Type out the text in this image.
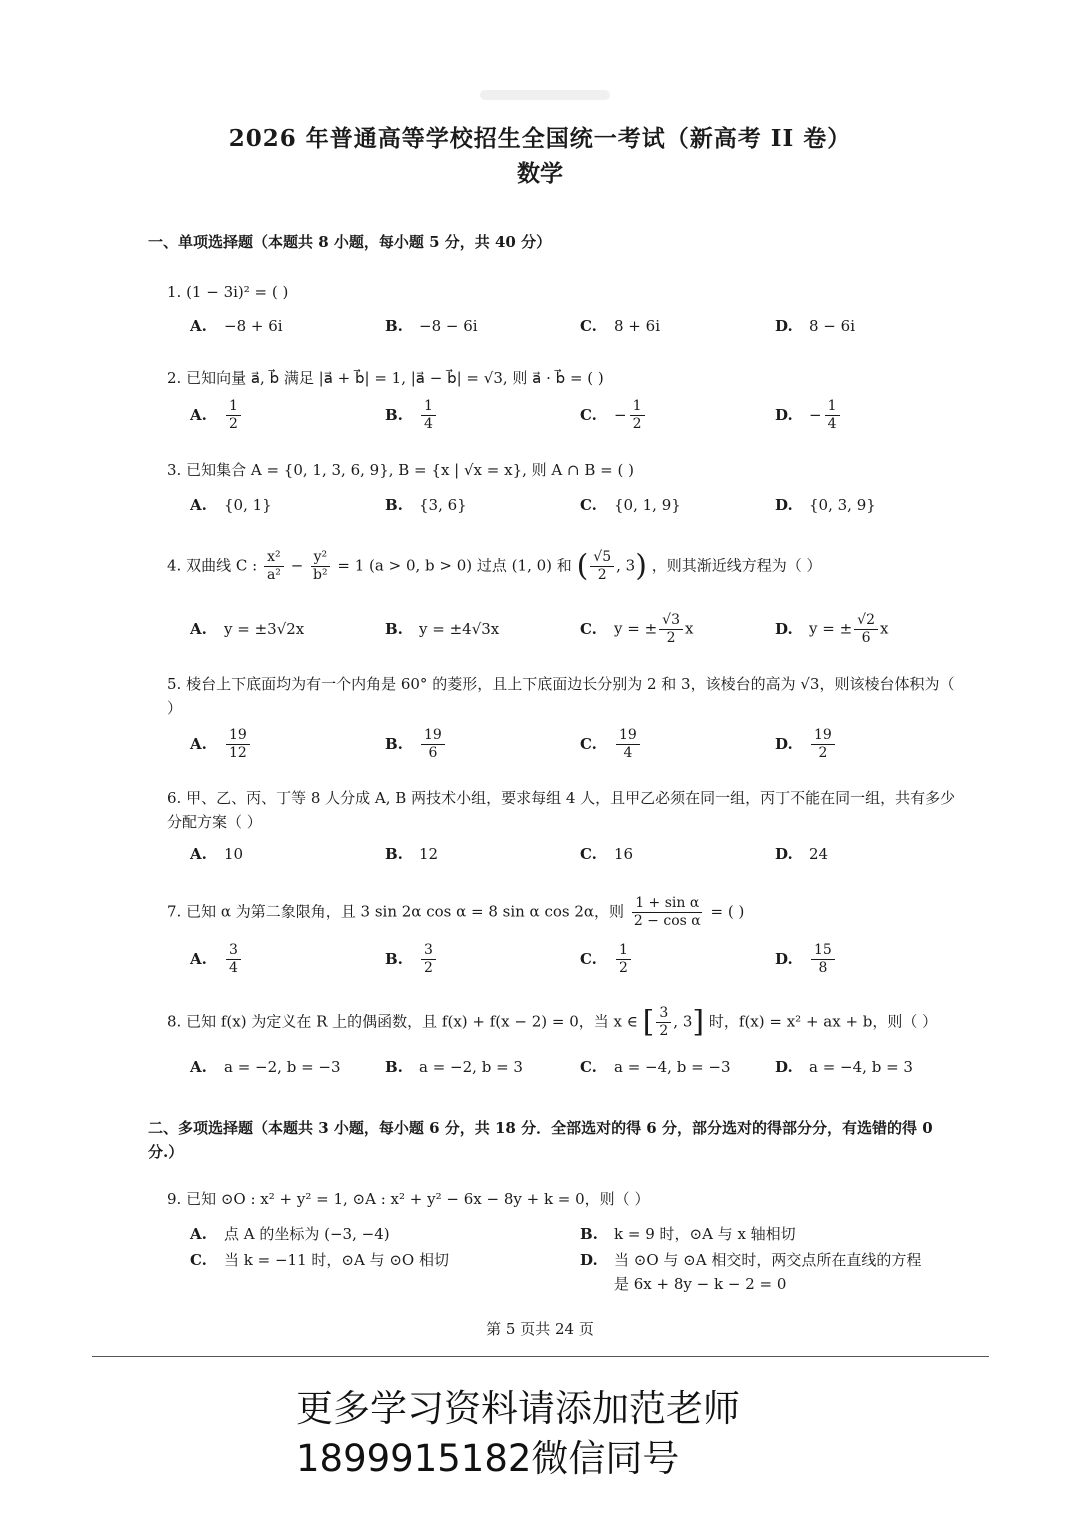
2026 年普通高等学校招生全国统一考试（新高考 II 卷）
数学
一、单项选择题（本题共 8 小题，每小题 5 分，共 40 分）
1. (1 − 3i)² = ( )
A. −8 + 6i	B. −8 − 6i	C. 8 + 6i	D. 8 − 6i
2. 已知向量 a⃗, b⃗ 满足 |a⃗ + b⃗| = 1, |a⃗ − b⃗| = √3, 则 a⃗ · b⃗ = ( )
A. $\frac{1}{2}$	B. $\frac{1}{4}$	C. − $\frac{1}{2}$	D. − $\frac{1}{4}$
3. 已知集合 A = {0, 1, 3, 6, 9}, B = {x | √x = x}, 则 A ∩ B = ( )
A. {0, 1}	B. {3, 6}	C. {0, 1, 9}	D. {0, 3, 9}
4. 双曲线 C : $\frac{\text{x²}}{\text{a²}} - \frac{\text{y²}}{\text{b²}} = 1$ (a > 0, b > 0) 过点 (1, 0) 和 ( $\frac{√5}{2}$ , 3) ，则其渐近线方程为（ ）
A. y = ±3√2x	B. y = ±4√3x	C. y = ± $\frac{√3}{2}$ x	D. y = ± $\frac{√2}{6}$ x
5. 棱台上下底面均为有一个内角是 60° 的菱形，且上下底面边长分别为 2 和 3，该棱台的高为 √3，则该棱台体积为（ ）
A. $\frac{19}{12}$	B. $\frac{19}{6}$	C. $\frac{19}{4}$	D. $\frac{19}{2}$
6. 甲、乙、丙、丁等 8 人分成 A, B 两技术小组，要求每组 4 人，且甲乙必须在同一组，丙丁不能在同一组，共有多少分配方案（ ）
A. 10	B. 12	C. 16	D. 24
7. 已知 α 为第二象限角，且 3 sin 2α cos α = 8 sin α cos 2α，则 $\frac{\text{1 + sin α}}{\text{2 − cos α}}$ = ( )
A. $\frac{3}{4}$	B. $\frac{3}{2}$	C. $\frac{1}{2}$	D. $\frac{15}{8}$
8. 已知 f(x) 为定义在 R 上的偶函数，且 f(x) + f(x − 2) = 0，当 x ∈ [ $\frac{3}{2}$ , 3] 时，f(x) = x² + ax + b，则（ ）
A. a = −2, b = −3	B. a = −2, b = 3	C. a = −4, b = −3	D. a = −4, b = 3
二、多项选择题（本题共 3 小题，每小题 6 分，共 18 分．全部选对的得 6 分，部分选对的得部分分，有选错的得 0 分.）
9. 已知 ⊙O : x² + y² = 1, ⊙A : x² + y² − 6x − 8y + k = 0，则（ ）
A. 点 A 的坐标为 (−3, −4)	B. k = 9 时，⊙A 与 x 轴相切
C. 当 k = −11 时，⊙A 与 ⊙O 相切	D. 当 ⊙O 与 ⊙A 相交时，两交点所在直线的方程
是 6x + 8y − k − 2 = 0
第 5 页共 24 页
更多学习资料请添加范老师
1899915182微信同号
